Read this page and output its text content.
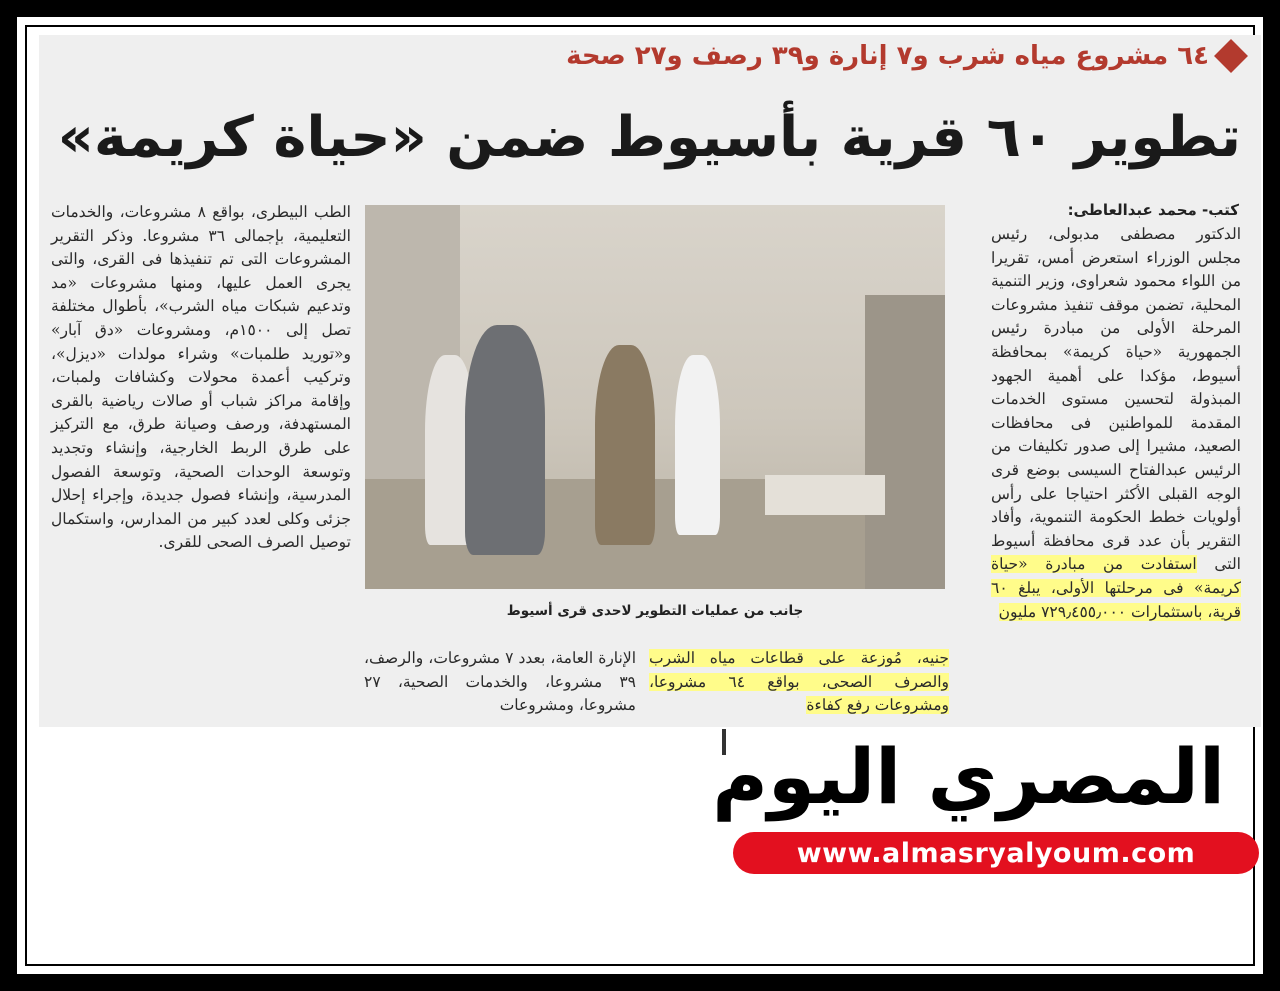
٦٤ مشروع مياه شرب و٧ إنارة و٣٩ رصف و٢٧ صحة
تطوير ٦٠ قرية بأسيوط ضمن «حياة كريمة»
كتب- محمد عبدالعاطى:
الدكتور مصطفى مدبولى، رئيس مجلس الوزراء استعرض أمس، تقريرا من اللواء محمود شعراوى، وزير التنمية المحلية، تضمن موقف تنفيذ مشروعات المرحلة الأولى من مبادرة رئيس الجمهورية «حياة كريمة» بمحافظة أسيوط، مؤكدا على أهمية الجهود المبذولة لتحسين مستوى الخدمات المقدمة للمواطنين فى محافظات الصعيد، مشيرا إلى صدور تكليفات من الرئيس عبدالفتاح السيسى بوضع قرى الوجه القبلى الأكثر احتياجا على رأس أولويات خطط الحكومة التنموية، وأفاد التقرير بأن عدد قرى محافظة أسيوط التى استفادت من مبادرة «حياة كريمة» فى مرحلتها الأولى، يبلغ ٦٠ قرية، باستثمارات ٧٢٩٫٤٥٥٫٠٠٠ مليون
جانب من عمليات التطوير لاحدى قرى أسيوط
جنيه، مُوزعة على قطاعات مياه الشرب والصرف الصحى، بواقع ٦٤ مشروعا، ومشروعات رفع كفاءة
الإنارة العامة، بعدد ٧ مشروعات، والرصف، ٣٩ مشروعا، والخدمات الصحية، ٢٧ مشروعا، ومشروعات
الطب البيطرى، بواقع ٨ مشروعات، والخدمات التعليمية، بإجمالى ٣٦ مشروعا. وذكر التقرير المشروعات التى تم تنفيذها فى القرى، والتى يجرى العمل عليها، ومنها مشروعات «مد وتدعيم شبكات مياه الشرب»، بأطوال مختلفة تصل إلى ١٥٠٠م، ومشروعات «دق آبار» و«توريد طلمبات» وشراء مولدات «ديزل»، وتركيب أعمدة محولات وكشافات ولمبات، وإقامة مراكز شباب أو صالات رياضية بالقرى المستهدفة، ورصف وصيانة طرق، مع التركيز على طرق الربط الخارجية، وإنشاء وتجديد وتوسعة الوحدات الصحية، وتوسعة الفصول المدرسية، وإنشاء فصول جديدة، وإجراء إحلال جزئى وكلى لعدد كبير من المدارس، واستكمال توصيل الصرف الصحى للقرى.
المصري اليوم
www.almasryalyoum.com
